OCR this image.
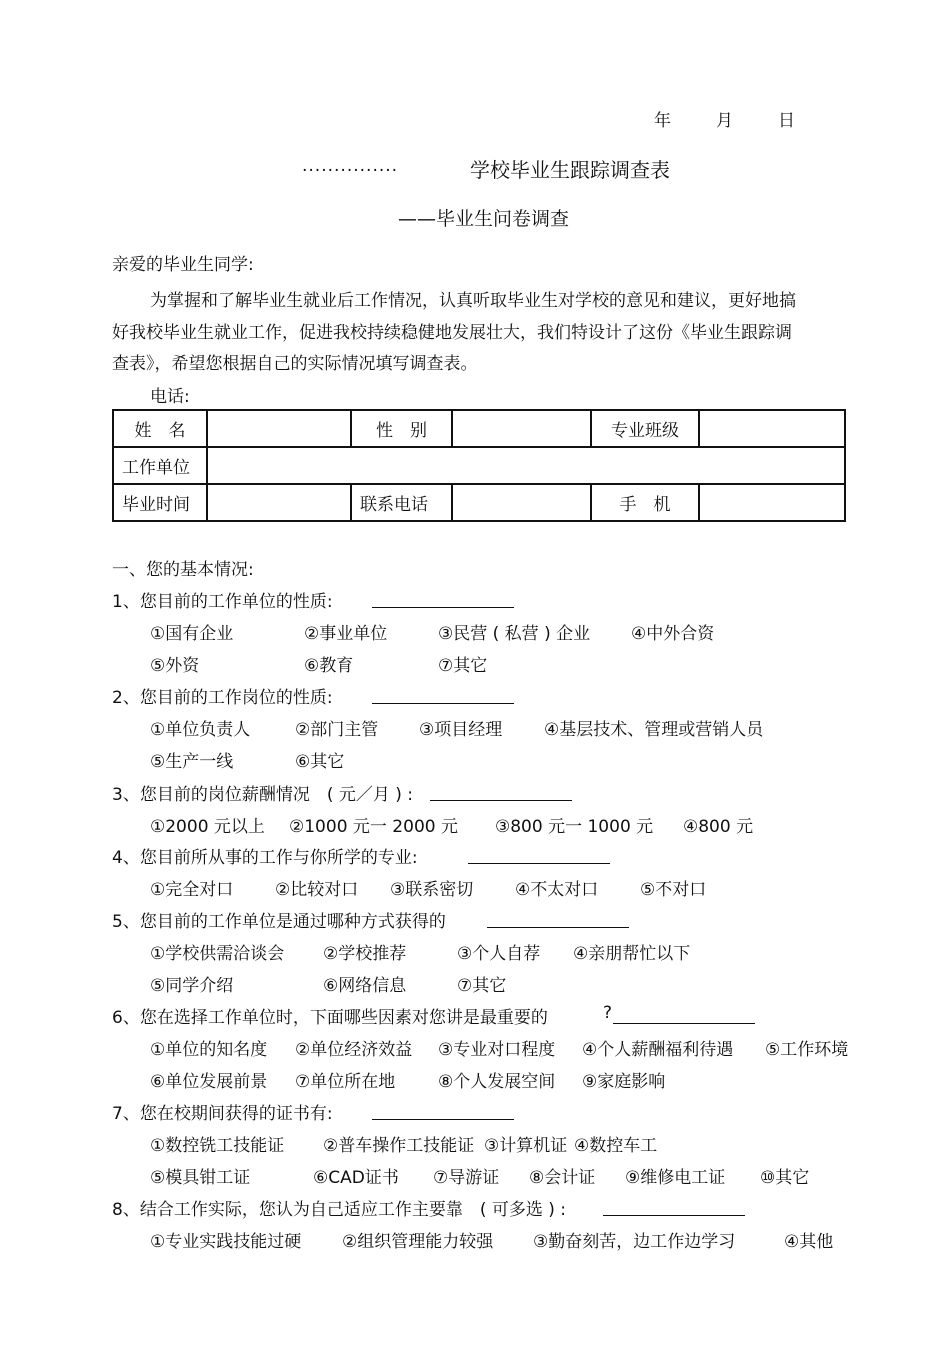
年	月	日
...............	学校毕业生跟踪调查表
——毕业生问卷调查
亲爱的毕业生同学:
为掌握和了解毕业生就业后工作情况，认真听取毕业生对学校的意见和建议，更好地搞
好我校毕业生就业工作，促进我校持续稳健地发展壮大，我们特设计了这份《毕业生跟踪调
查表》，希望您根据自己的实际情况填写调查表。
电话:
姓　名		性　别		专业班级	
工作单位					
毕业时间		联系电话		手　机	
一、您的基本情况:
1、您目前的工作单位的性质:
①国有企业	②事业单位	③民营 ( 私营 ) 企业 ④中外合资
⑤外资	⑥教育	⑦其它
2、您目前的工作岗位的性质:
①单位负责人	②部门主管 ③项目经理 ④基层技术、管理或营销人员
⑤生产一线	⑥其它
3、您目前的岗位薪酬情况　( 元／月 ) :
①2000 元以上 ②1000 元一 2000 元 ③800 元一 1000 元 ④800 元
4、您目前所从事的工作与你所学的专业:
①完全对口 ②比较对口 ③联系密切 ④不太对口 ⑤不对口
5、您目前的工作单位是通过哪种方式获得的
①学校供需洽谈会 ②学校推荐	③个人自荐 ④亲朋帮忙以下
⑤同学介绍	⑥网络信息	⑦其它
6、您在选择工作单位时，下面哪些因素对您讲是最重要的	?
①单位的知名度 ②单位经济效益 ③专业对口程度 ④个人薪酬福利待遇 ⑤工作环境
⑥单位发展前景 ⑦单位所在地	⑧个人发展空间 ⑨家庭影响
7、您在校期间获得的证书有:
①数控铣工技能证 ②普车操作工技能证 ③计算机证 ④数控车工
⑤模具钳工证	⑥CAD证书 ⑦导游证 ⑧会计证 ⑨维修电工证 ⑩其它
8、结合工作实际，您认为自己适应工作主要靠　( 可多选 ) :
①专业实践技能过硬 ②组织管理能力较强 ③勤奋刻苦，边工作边学习	④其他
